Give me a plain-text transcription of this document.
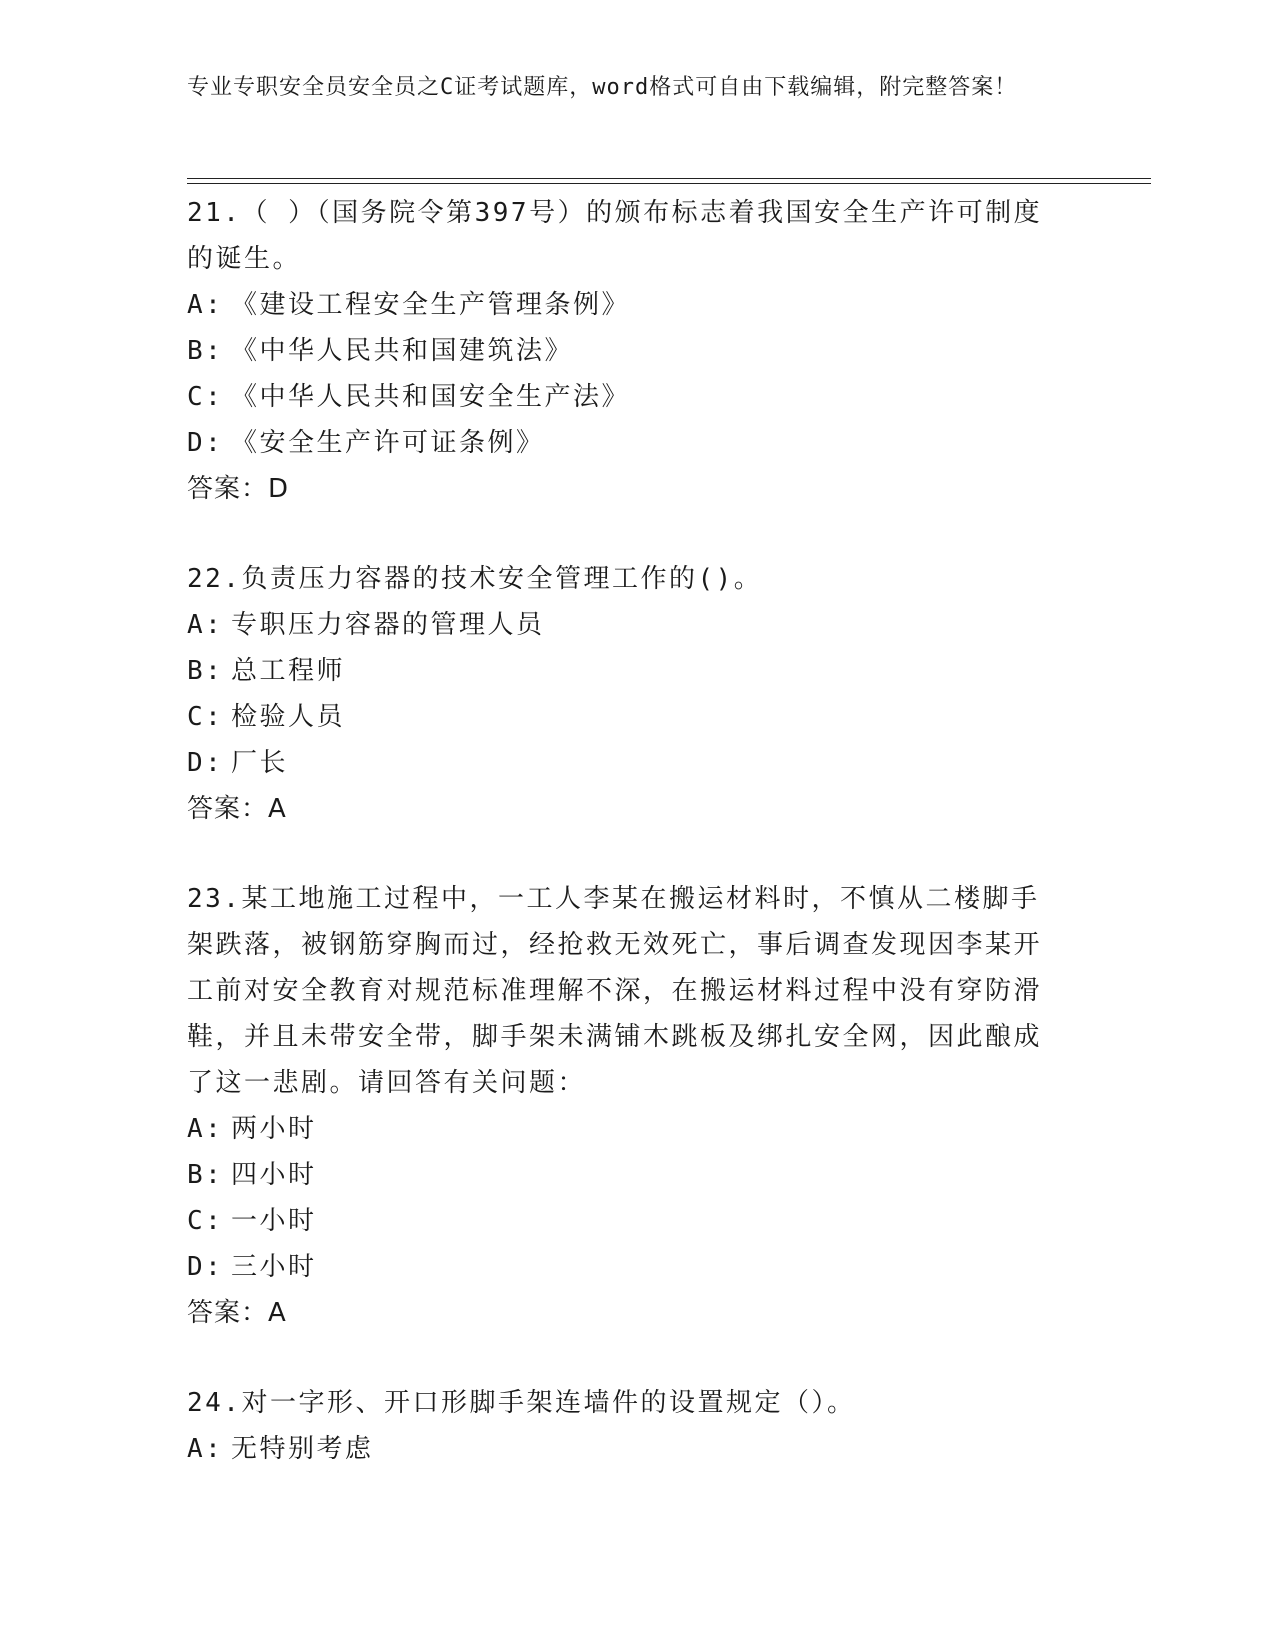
专业专职安全员安全员之C证考试题库，word格式可自由下载编辑，附完整答案！
21.（ ）（国务院令第397号）的颁布标志着我国安全生产许可制度的诞生。
A: 《建设工程安全生产管理条例》
B: 《中华人民共和国建筑法》
C: 《中华人民共和国安全生产法》
D: 《安全生产许可证条例》
答案：D
22.负责压力容器的技术安全管理工作的()。
A: 专职压力容器的管理人员
B: 总工程师
C: 检验人员
D: 厂长
答案：A
23.某工地施工过程中，一工人李某在搬运材料时，不慎从二楼脚手架跌落，被钢筋穿胸而过，经抢救无效死亡，事后调查发现因李某开工前对安全教育对规范标准理解不深，在搬运材料过程中没有穿防滑鞋，并且未带安全带，脚手架未满铺木跳板及绑扎安全网，因此酿成了这一悲剧。请回答有关问题：
A: 两小时
B: 四小时
C: 一小时
D: 三小时
答案：A
24.对一字形、开口形脚手架连墙件的设置规定（）。
A: 无特别考虑
